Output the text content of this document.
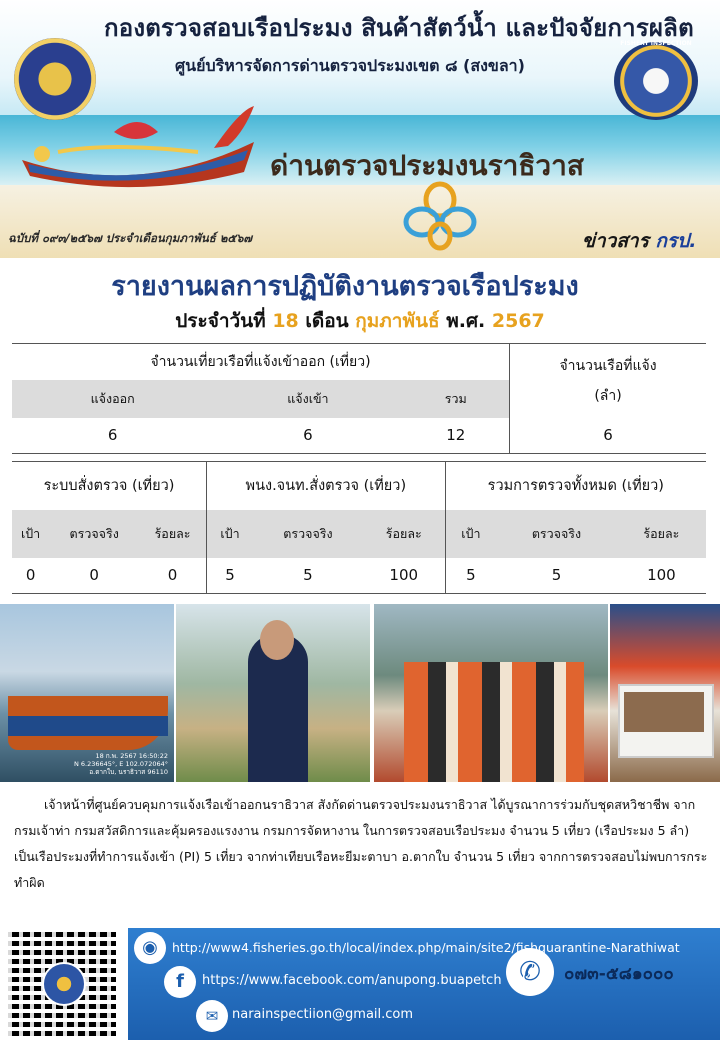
FISHERY INSPECTION
กองตรวจสอบเรือประมง สินค้าสัตว์น้ำ และปัจจัยการผลิต
ศูนย์บริหารจัดการด่านตรวจประมงเขต ๘ (สงขลา)
ด่านตรวจประมงนราธิวาส
ฉบับที่ ๐๙๓/๒๕๖๗ ประจำเดือนกุมภาพันธ์ ๒๕๖๗	ข่าวสาร กรป.
รายงานผลการปฏิบัติงานตรวจเรือประมง
ประจำวันที่ 18 เดือน กุมภาพันธ์ พ.ศ. 2567
จำนวนเที่ยวเรือที่แจ้งเข้าออก (เที่ยว)			จำนวนเรือที่แจ้ง
(ลำ)

แจ้งออก	แจ้งเข้า	รวม	
6	6	12	6
ระบบสั่งตรวจ (เที่ยว)			พนง.จนท.สั่งตรวจ (เที่ยว)			รวมการตรวจทั้งหมด (เที่ยว)		
เป้า	ตรวจจริง	ร้อยละ	เป้า	ตรวจจริง	ร้อยละ	เป้า	ตรวจจริง	ร้อยละ
0	0	0	5	5	100	5	5	100
18 ก.พ. 2567 16:50:22
N 6.236645°, E 102.072064°
อ.ตากใบ, นราธิวาส 96110

เจ้าหน้าที่ศูนย์ควบคุมการแจ้งเรือเข้าออกนราธิวาส สังกัดด่านตรวจประมงนราธิวาส ได้บูรณาการร่วมกับชุดสหวิชาชีพ จากกรมเจ้าท่า กรมสวัสดิการและคุ้มครองแรงงาน กรมการจัดหางาน ในการตรวจสอบเรือประมง จำนวน 5 เที่ยว (เรือประมง 5 ลำ) เป็นเรือประมงที่ทำการแจ้งเข้า (PI) 5 เที่ยว จากท่าเทียบเรือหะยีมะตาบา อ.ตากใบ จำนวน 5 เที่ยว จากการตรวจสอบไม่พบการกระทำผิด

◉
f
✉
✆
http://www4.fisheries.go.th/local/index.php/main/site2/fishquarantine-Narathiwat
https://www.facebook.com/anupong.buapetch
narainspectiion@gmail.com
๐๗๓-๕๘๑๐๐๐
